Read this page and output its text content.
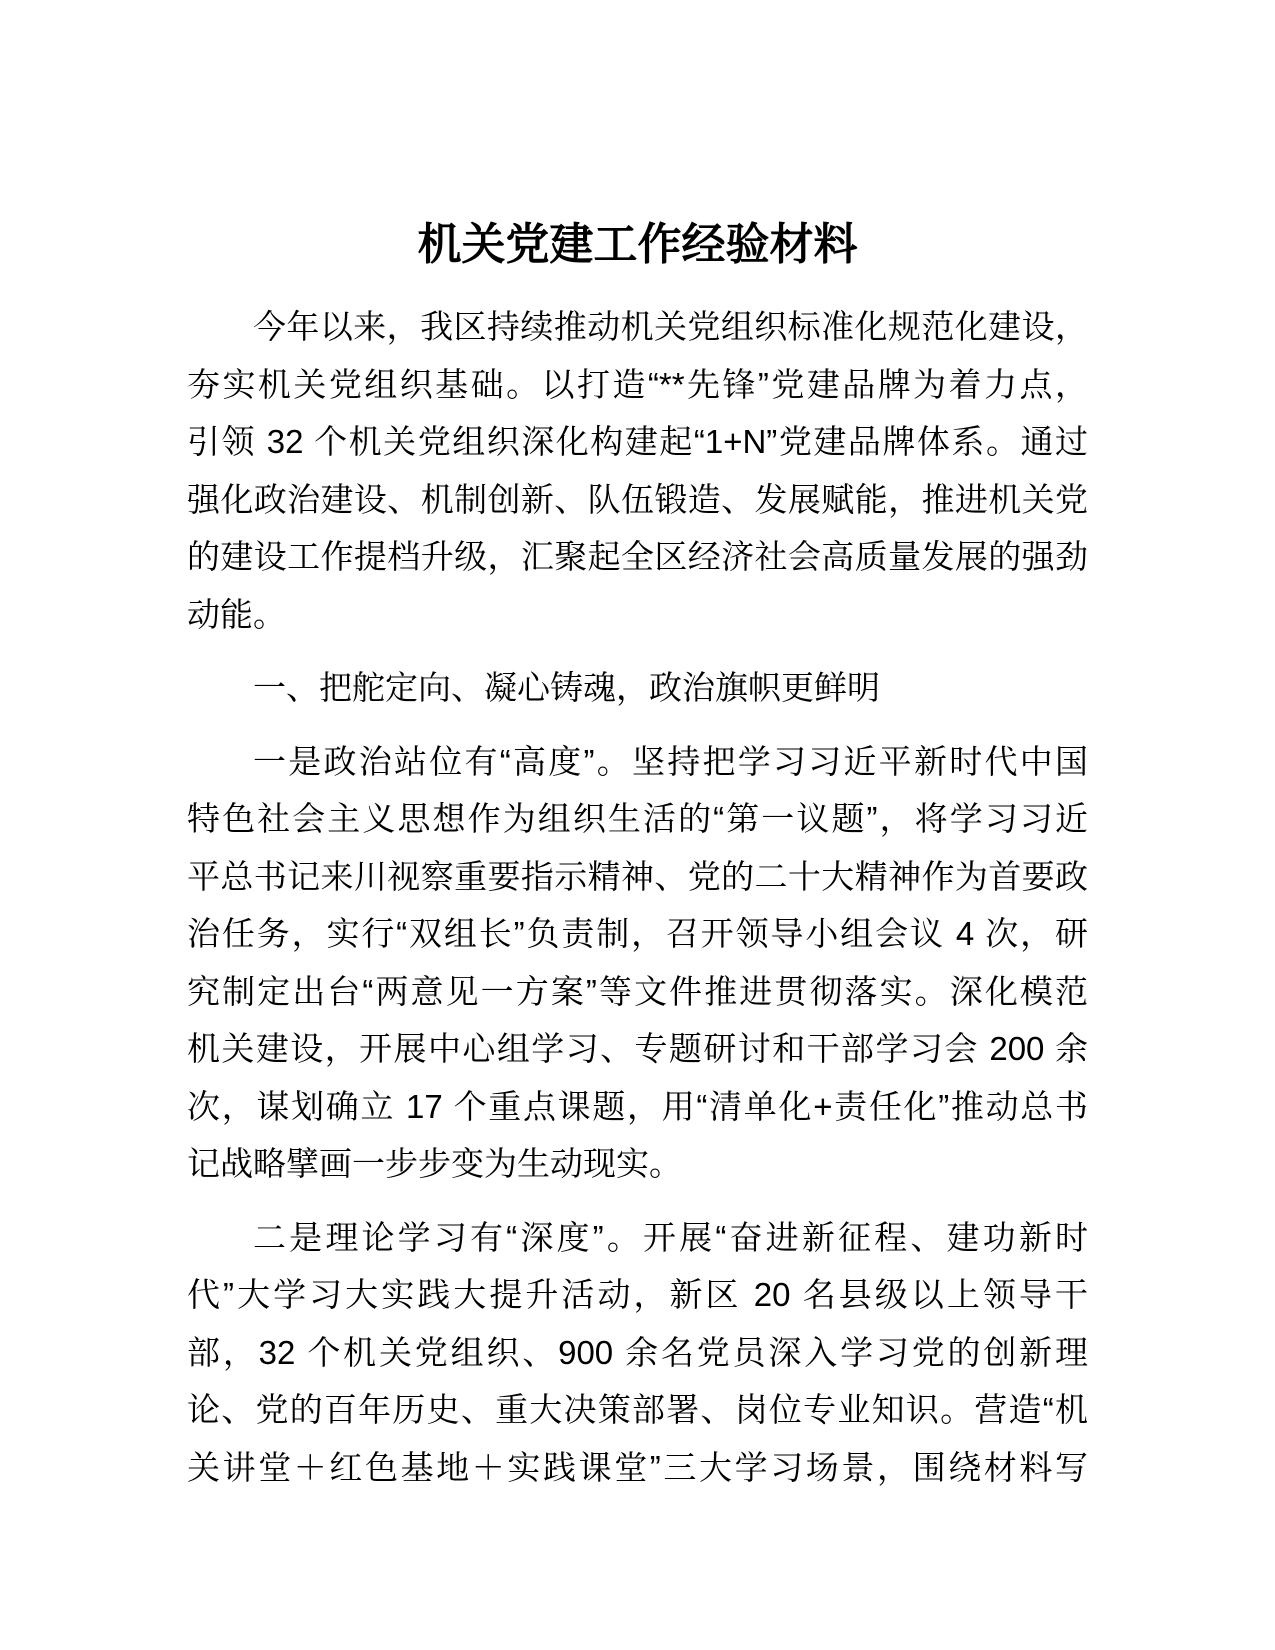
机关党建工作经验材料
今年以来，我区持续推动机关党组织标准化规范化建设，
夯实机关党组织基础。以打造“**先锋”党建品牌为着力点，
引领 32 个机关党组织深化构建起“1+N”党建品牌体系。通过
强化政治建设、机制创新、队伍锻造、发展赋能，推进机关党
的建设工作提档升级，汇聚起全区经济社会高质量发展的强劲
动能。
一、把舵定向、凝心铸魂，政治旗帜更鲜明
一是政治站位有“高度”。坚持把学习习近平新时代中国
特色社会主义思想作为组织生活的“第一议题”，将学习习近
平总书记来川视察重要指示精神、党的二十大精神作为首要政
治任务，实行“双组长”负责制，召开领导小组会议 4 次，研
究制定出台“两意见一方案”等文件推进贯彻落实。深化模范
机关建设，开展中心组学习、专题研讨和干部学习会 200 余
次，谋划确立 17 个重点课题，用“清单化+责任化”推动总书
记战略擘画一步步变为生动现实。
二是理论学习有“深度”。开展“奋进新征程、建功新时
代”大学习大实践大提升活动，新区 20 名县级以上领导干
部，32 个机关党组织、900 余名党员深入学习党的创新理
论、党的百年历史、重大决策部署、岗位专业知识。营造“机
关讲堂＋红色基地＋实践课堂”三大学习场景，围绕材料写
